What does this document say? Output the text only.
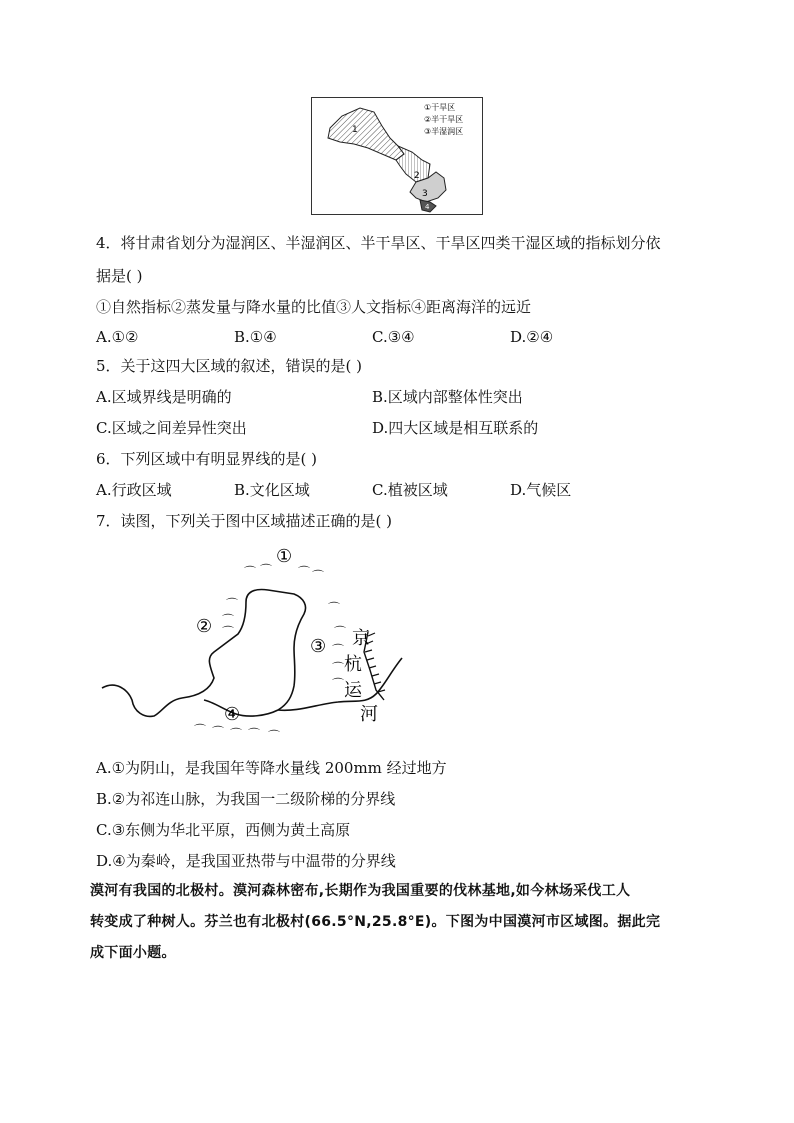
1
2
3
4
①干旱区
②半干旱区
③半湿润区
4．将甘肃省划分为湿润区、半湿润区、半干旱区、干旱区四类干湿区域的指标划分依
据是( )
①自然指标②蒸发量与降水量的比值③人文指标④距离海洋的远近
A.①②	B.①④	C.③④	D.②④
5．关于这四大区域的叙述，错误的是( )
A.区域界线是明确的	B.区域内部整体性突出
C.区域之间差异性突出	D.四大区域是相互联系的
6．下列区域中有明显界线的是( )
A.行政区域	B.文化区域	C.植被区域	D.气候区
7．读图，下列关于图中区域描述正确的是( )
⌒ ⌒ ⌒ ⌒
⌒
⌒
⌒
⌒
⌒
⌒
⌒
⌒
⌒ ⌒ ⌒ ⌒ ⌒
①
②
③
④
京
杭
运
河
A.①为阴山，是我国年等降水量线 200mm 经过地方
B.②为祁连山脉，为我国一二级阶梯的分界线
C.③东侧为华北平原，西侧为黄土高原
D.④为秦岭，是我国亚热带与中温带的分界线
漠河有我国的北极村。漠河森林密布,长期作为我国重要的伐林基地,如今林场采伐工人
转变成了种树人。芬兰也有北极村(66.5°N,25.8°E)。下图为中国漠河市区域图。据此完
成下面小题。
